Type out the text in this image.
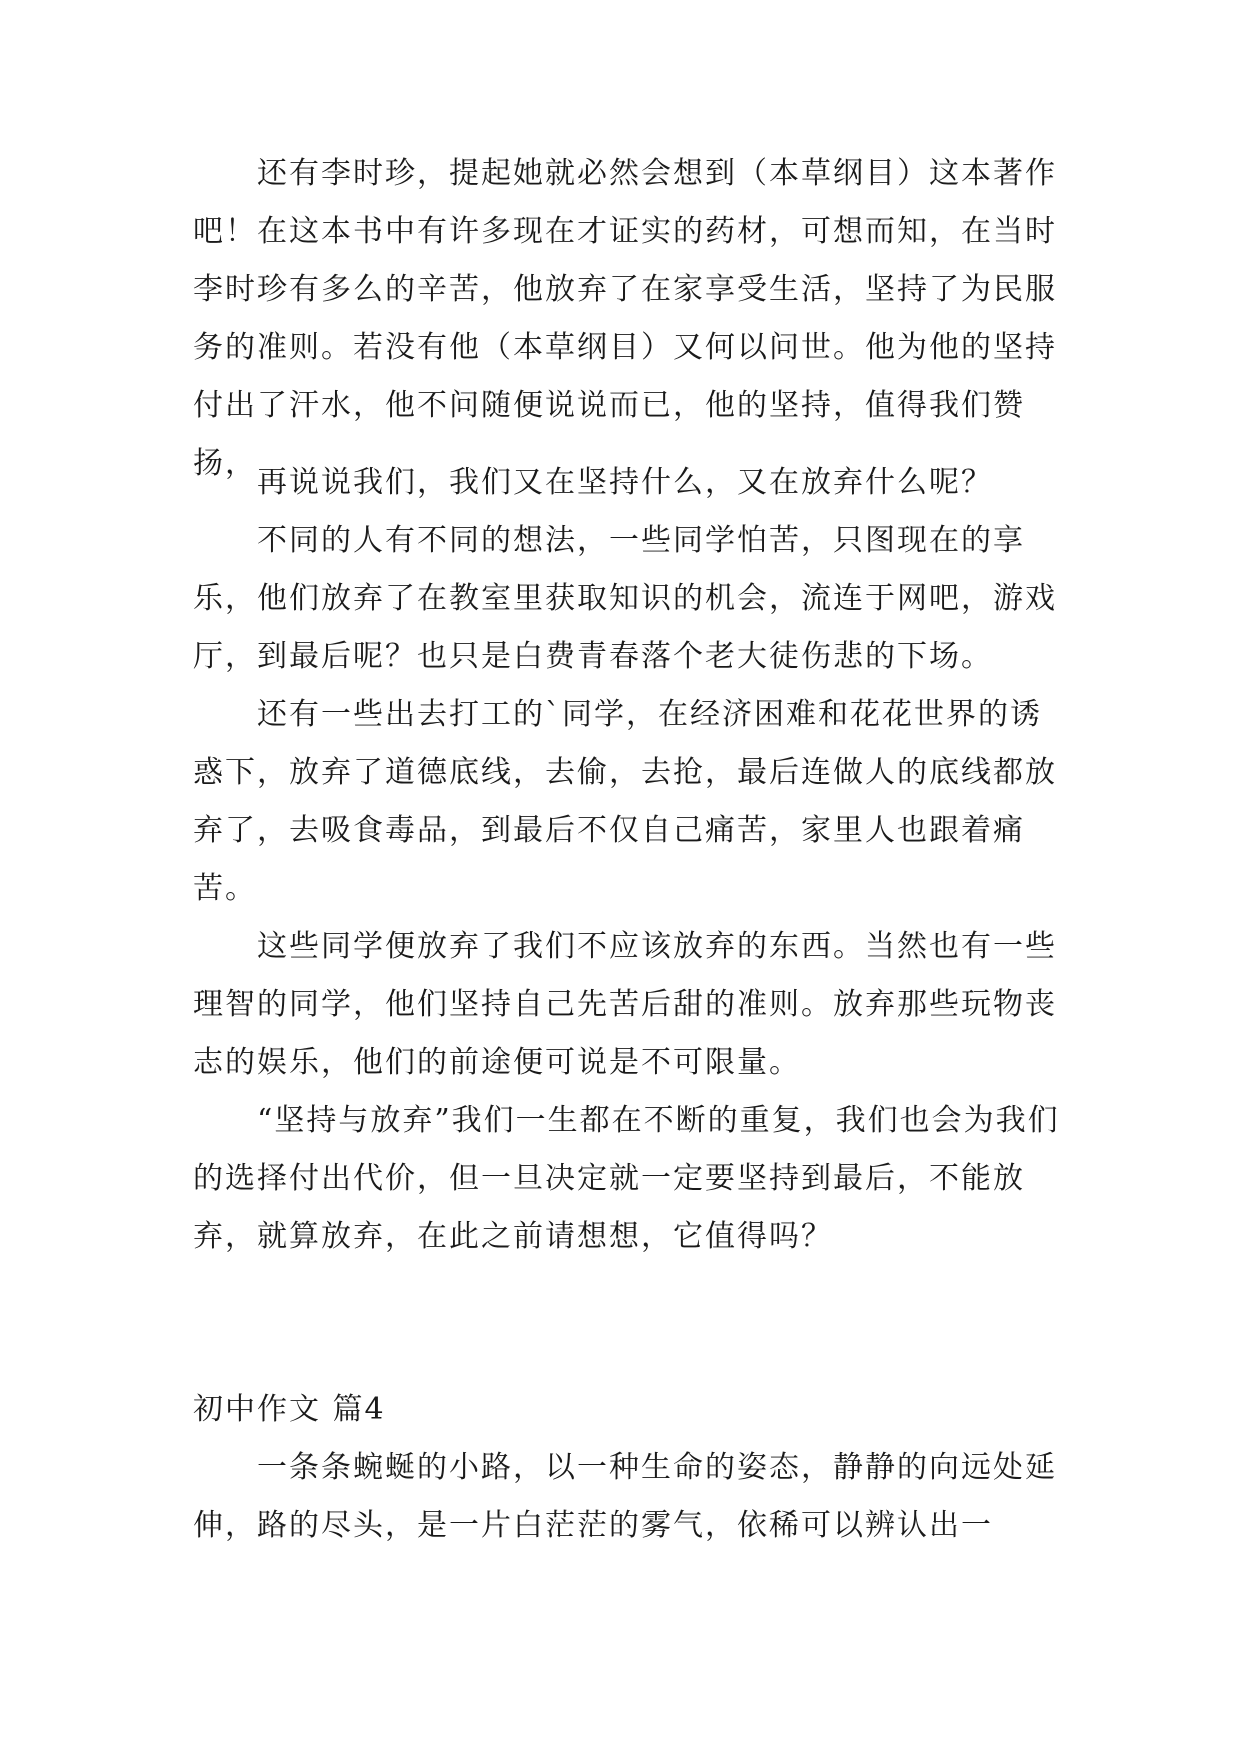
还有李时珍，提起她就必然会想到（本草纲目）这本著作吧！在这本书中有许多现在才证实的药材，可想而知，在当时李时珍有多么的辛苦，他放弃了在家享受生活，坚持了为民服务的准则。若没有他（本草纲目）又何以问世。他为他的坚持付出了汗水，他不问随便说说而已，他的坚持，值得我们赞扬，

再说说我们，我们又在坚持什么，又在放弃什么呢？

不同的人有不同的想法，一些同学怕苦，只图现在的享乐，他们放弃了在教室里获取知识的机会，流连于网吧，游戏厅，到最后呢？也只是白费青春落个老大徒伤悲的下场。

还有一些出去打工的`同学，在经济困难和花花世界的诱惑下，放弃了道德底线，去偷，去抢，最后连做人的底线都放弃了，去吸食毒品，到最后不仅自己痛苦，家里人也跟着痛苦。

这些同学便放弃了我们不应该放弃的东西。当然也有一些理智的同学，他们坚持自己先苦后甜的准则。放弃那些玩物丧志的娱乐，他们的前途便可说是不可限量。

“坚持与放弃”我们一生都在不断的重复，我们也会为我们的选择付出代价，但一旦决定就一定要坚持到最后，不能放弃，就算放弃，在此之前请想想，它值得吗？

初中作文 篇4

一条条蜿蜒的小路，以一种生命的姿态，静静的向远处延伸，路的尽头，是一片白茫茫的雾气，依稀可以辨认出一
